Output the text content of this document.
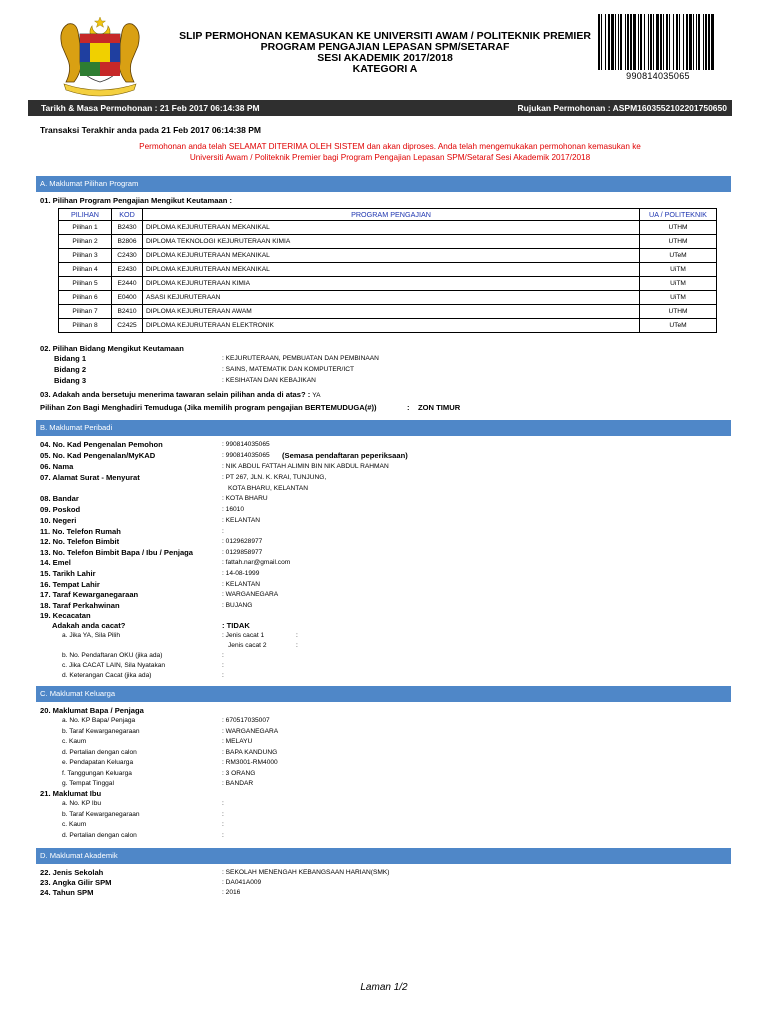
SLIP PERMOHONAN KEMASUKAN KE UNIVERSITI AWAM / POLITEKNIK PREMIER
PROGRAM PENGAJIAN LEPASAN SPM/SETARAF
SESI AKADEMIK 2017/2018
KATEGORI A
990814035065
Tarikh & Masa Permohonan : 21 Feb 2017 06:14:38 PM	Rujukan Permohonan : ASPM1603552102201750650
Transaksi Terakhir anda pada 21 Feb 2017 06:14:38 PM
Permohonan anda telah SELAMAT DITERIMA OLEH SISTEM dan akan diproses. Anda telah mengemukakan permohonan kemasukan ke
Universiti Awam / Politeknik Premier bagi Program Pengajian Lepasan SPM/Setaraf Sesi Akademik 2017/2018
A. Maklumat Pilihan Program
01. Pilihan Program Pengajian Mengikut Keutamaan :
PILIHAN	KOD	PROGRAM PENGAJIAN	UA / POLITEKNIK
Pilihan 1	B2430	DIPLOMA KEJURUTERAAN MEKANIKAL	UTHM
Pilihan 2	B2806	DIPLOMA TEKNOLOGI KEJURUTERAAN KIMIA	UTHM
Pilihan 3	C2430	DIPLOMA KEJURUTERAAN MEKANIKAL	UTeM
Pilihan 4	E2430	DIPLOMA KEJURUTERAAN MEKANIKAL	UiTM
Pilihan 5	E2440	DIPLOMA KEJURUTERAAN KIMIA	UiTM
Pilihan 6	E0400	ASASI KEJURUTERAAN	UiTM
Pilihan 7	B2410	DIPLOMA KEJURUTERAAN AWAM	UTHM
Pilihan 8	C2425	DIPLOMA KEJURUTERAAN ELEKTRONIK	UTeM
02. Pilihan Bidang Mengikut Keutamaan
Bidang 1	: KEJURUTERAAN, PEMBUATAN DAN PEMBINAAN
Bidang 2	: SAINS, MATEMATIK DAN KOMPUTER/ICT
Bidang 3	: KESIHATAN DAN KEBAJIKAN
03. Adakah anda bersetuju menerima tawaran selain pilihan anda di atas? : YA
Pilihan Zon Bagi Menghadiri Temuduga (Jika memilih program pengajian BERTEMUDUGA(#))	: ZON TIMUR
B. Maklumat Peribadi
04. No. Kad Pengenalan Pemohon	: 990814035065
05. No. Kad Pengenalan/MyKAD	: 990814035065 (Semasa pendaftaran peperiksaan)
06. Nama	: NIK ABDUL FATTAH ALIMIN BIN NIK ABDUL RAHMAN
07. Alamat Surat - Menyurat	: PT 267, JLN. K. KRAI, TUNJUNG,
KOTA BHARU, KELANTAN
08. Bandar	: KOTA BHARU
09. Poskod	: 16010
10. Negeri	: KELANTAN
11. No. Telefon Rumah	:
12. No. Telefon Bimbit	: 0129628977
13. No. Telefon Bimbit Bapa / Ibu / Penjaga	: 0129858977
14. Emel	: fattah.nar@gmail.com
15. Tarikh Lahir	: 14-08-1999
16. Tempat Lahir	: KELANTAN
17. Taraf Kewarganegaraan	: WARGANEGARA
18. Taraf Perkahwinan	: BUJANG
19. Kecacatan
Adakah anda cacat?	: TIDAK
a. Jika YA, Sila Pilih	: Jenis cacat 1	:
Jenis cacat 2	:
b. No. Pendaftaran OKU (jika ada)	:
c. Jika CACAT LAIN, Sila Nyatakan	:
d. Keterangan Cacat (jika ada)	:
C. Maklumat Keluarga
20. Maklumat Bapa / Penjaga
a. No. KP Bapa/ Penjaga	: 670517035007
b. Taraf Kewarganegaraan	: WARGANEGARA
c. Kaum	: MELAYU
d. Pertalian dengan calon	: BAPA KANDUNG
e. Pendapatan Keluarga	: RM3001-RM4000
f. Tanggungan Keluarga	: 3 ORANG
g. Tempat Tinggal	: BANDAR
21. Maklumat Ibu
a. No. KP Ibu	:
b. Taraf Kewarganegaraan	:
c. Kaum	:
d. Pertalian dengan calon	:
D. Maklumat Akademik
22. Jenis Sekolah	: SEKOLAH MENENGAH KEBANGSAAN HARIAN(SMK)
23. Angka Gilir SPM	: DA041A009
24. Tahun SPM	: 2016
Laman 1/2
